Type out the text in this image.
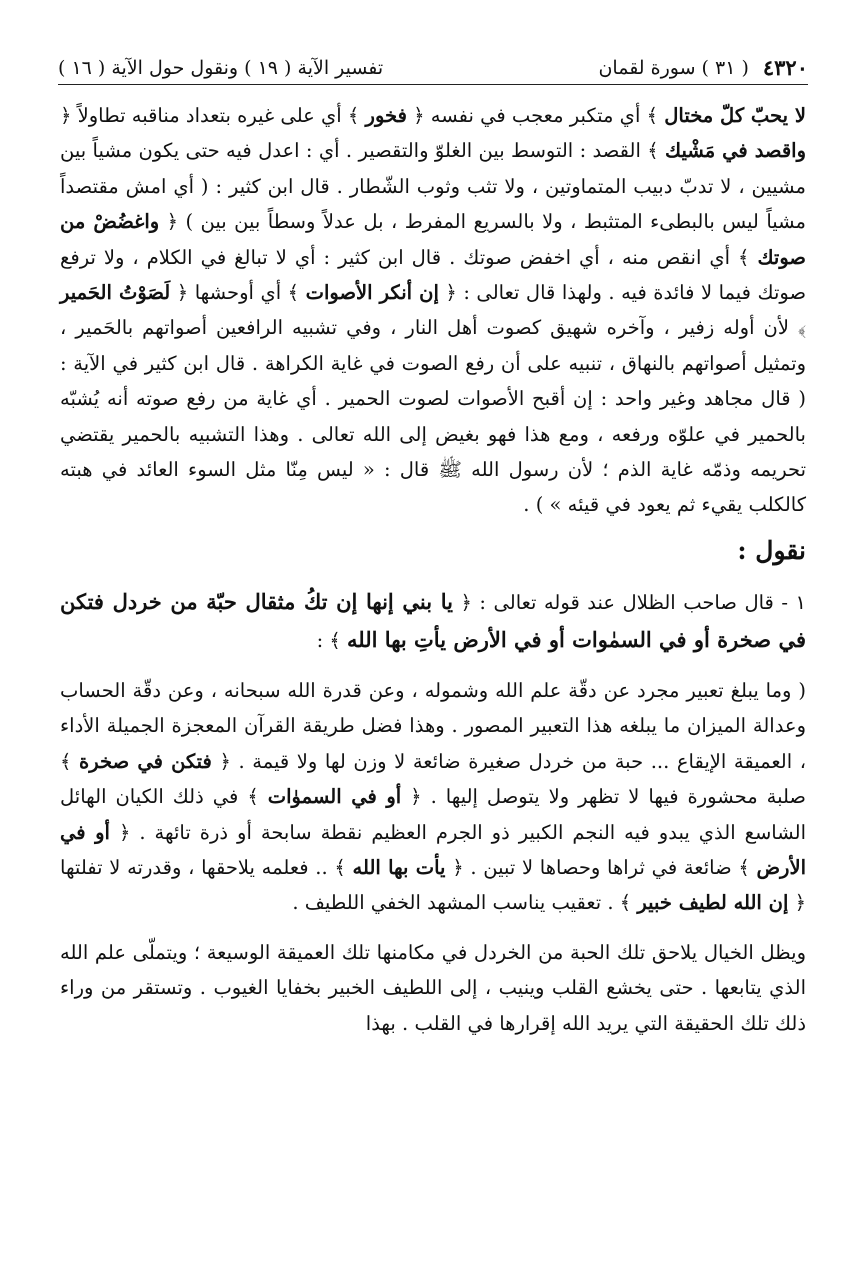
٤٣٢٠
( ٣١ ) سورة لقمان
تفسير الآية ( ١٩ ) ونقول حول الآية ( ١٦ )

لا يحبّ كلّ مختال ﴾ أي متكبر معجب في نفسه ﴿ فخور ﴾ أي على غيره بتعداد مناقبه تطاولاً ﴿ واقصد في مَشْيك ﴾ القصد : التوسط بين الغلوّ والتقصير . أي : اعدل فيه حتى يكون مشياً بين مشيين ، لا تدبّ دبيب المتماوتين ، ولا تثب وثوب الشّطار . قال ابن كثير : ( أي امش مقتصداً مشياً ليس بالبطىء المتثبط ، ولا بالسريع المفرط ، بل عدلاً وسطاً بين بين ) ﴿ واغضُضْ من صوتك ﴾ أي انقص منه ، أي اخفض صوتك . قال ابن كثير : أي لا تبالغ في الكلام ، ولا ترفع صوتك فيما لا فائدة فيه . ولهذا قال تعالى : ﴿ إن أنكر الأصوات ﴾ أي أوحشها ﴿ لَصَوْتُ الحَمير ﴾ لأن أوله زفير ، وآخره شهيق كصوت أهل النار ، وفي تشبيه الرافعين أصواتهم بالحَمير ، وتمثيل أصواتهم بالنهاق ، تنبيه على أن رفع الصوت في غاية الكراهة . قال ابن كثير في الآية : ( قال مجاهد وغير واحد : إن أقبح الأصوات لصوت الحمير . أي غاية من رفع صوته أنه يُشبّه بالحمير في علوّه ورفعه ، ومع هذا فهو بغيض إلى الله تعالى . وهذا التشبيه بالحمير يقتضي تحريمه وذمّه غاية الذم ؛ لأن رسول الله ﷺ قال : « ليس مِنّا مثل السوء العائد في هبته كالكلب يقيء ثم يعود في قيئه » ) .

نقول :

١ - قال صاحب الظلال عند قوله تعالى : ﴿ يا بني إنها إن تكُ مثقال حبّة من خردل فتكن في صخرة أو في السمٰوات أو في الأرض يأتِ بها الله ﴾ :

( وما يبلغ تعبير مجرد عن دقّة علم الله وشموله ، وعن قدرة الله سبحانه ، وعن دقّة الحساب وعدالة الميزان ما يبلغه هذا التعبير المصور . وهذا فضل طريقة القرآن المعجزة الجميلة الأداء ، العميقة الإيقاع ... حبة من خردل صغيرة ضائعة لا وزن لها ولا قيمة . ﴿ فتكن في صخرة ﴾ صلبة محشورة فيها لا تظهر ولا يتوصل إليها . ﴿ أو في السموٰات ﴾ في ذلك الكيان الهائل الشاسع الذي يبدو فيه النجم الكبير ذو الجرم العظيم نقطة سابحة أو ذرة تائهة . ﴿ أو في الأرض ﴾ ضائعة في ثراها وحصاها لا تبين . ﴿ يأت بها الله ﴾ .. فعلمه يلاحقها ، وقدرته لا تفلتها ﴿ إن الله لطيف خبير ﴾ . تعقيب يناسب المشهد الخفي اللطيف .

ويظل الخيال يلاحق تلك الحبة من الخردل في مكامنها تلك العميقة الوسيعة ؛ ويتملّى علم الله الذي يتابعها . حتى يخشع القلب وينيب ، إلى اللطيف الخبير بخفايا الغيوب . وتستقر من وراء ذلك تلك الحقيقة التي يريد الله إقرارها في القلب . بهذا
